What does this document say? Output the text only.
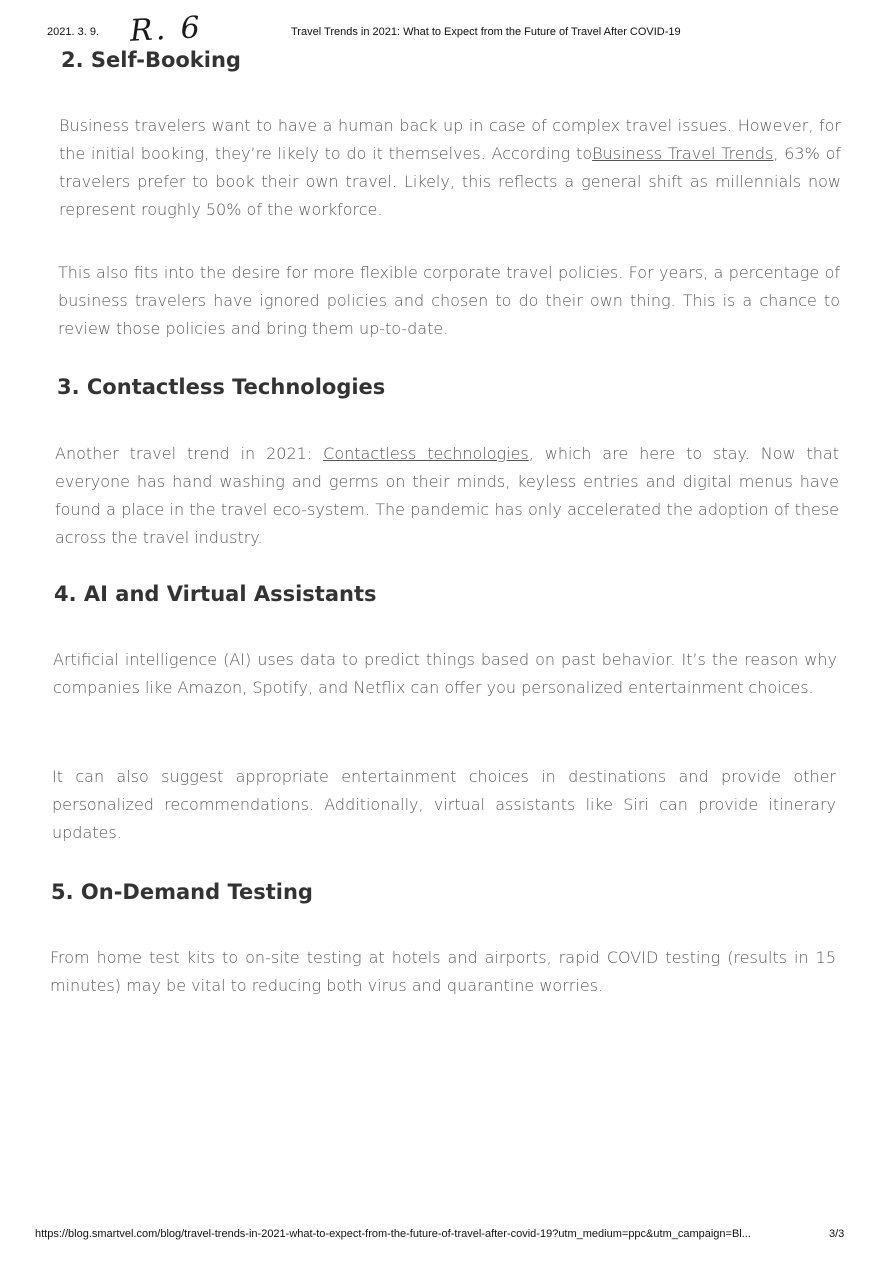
2021. 3. 9.	Travel Trends in 2021: What to Expect from the Future of Travel After COVID-19
R. 6
2. Self-Booking

Business travelers want to have a human back up in case of complex travel issues. However, for the initial booking, they’re likely to do it themselves. According toBusiness Travel Trends, 63% of travelers prefer to book their own travel. Likely, this reflects a general shift as millennials now represent roughly 50% of the workforce.

This also fits into the desire for more flexible corporate travel policies. For years, a percentage of business travelers have ignored policies and chosen to do their own thing. This is a chance to review those policies and bring them up-to-date.

3. Contactless Technologies

Another travel trend in 2021: Contactless technologies, which are here to stay. Now that everyone has hand washing and germs on their minds, keyless entries and digital menus have found a place in the travel eco-system. The pandemic has only accelerated the adoption of these across the travel industry.

4. AI and Virtual Assistants

Artificial intelligence (AI) uses data to predict things based on past behavior. It’s the reason why companies like Amazon, Spotify, and Netflix can offer you personalized entertainment choices.

It can also suggest appropriate entertainment choices in destinations and provide other personalized recommendations. Additionally, virtual assistants like Siri can provide itinerary updates.

5. On-Demand Testing

From home test kits to on-site testing at hotels and airports, rapid COVID testing (results in 15 minutes) may be vital to reducing both virus and quarantine worries.

https://blog.smartvel.com/blog/travel-trends-in-2021-what-to-expect-from-the-future-of-travel-after-covid-19?utm_medium=ppc&utm_campaign=Bl...	3/3
